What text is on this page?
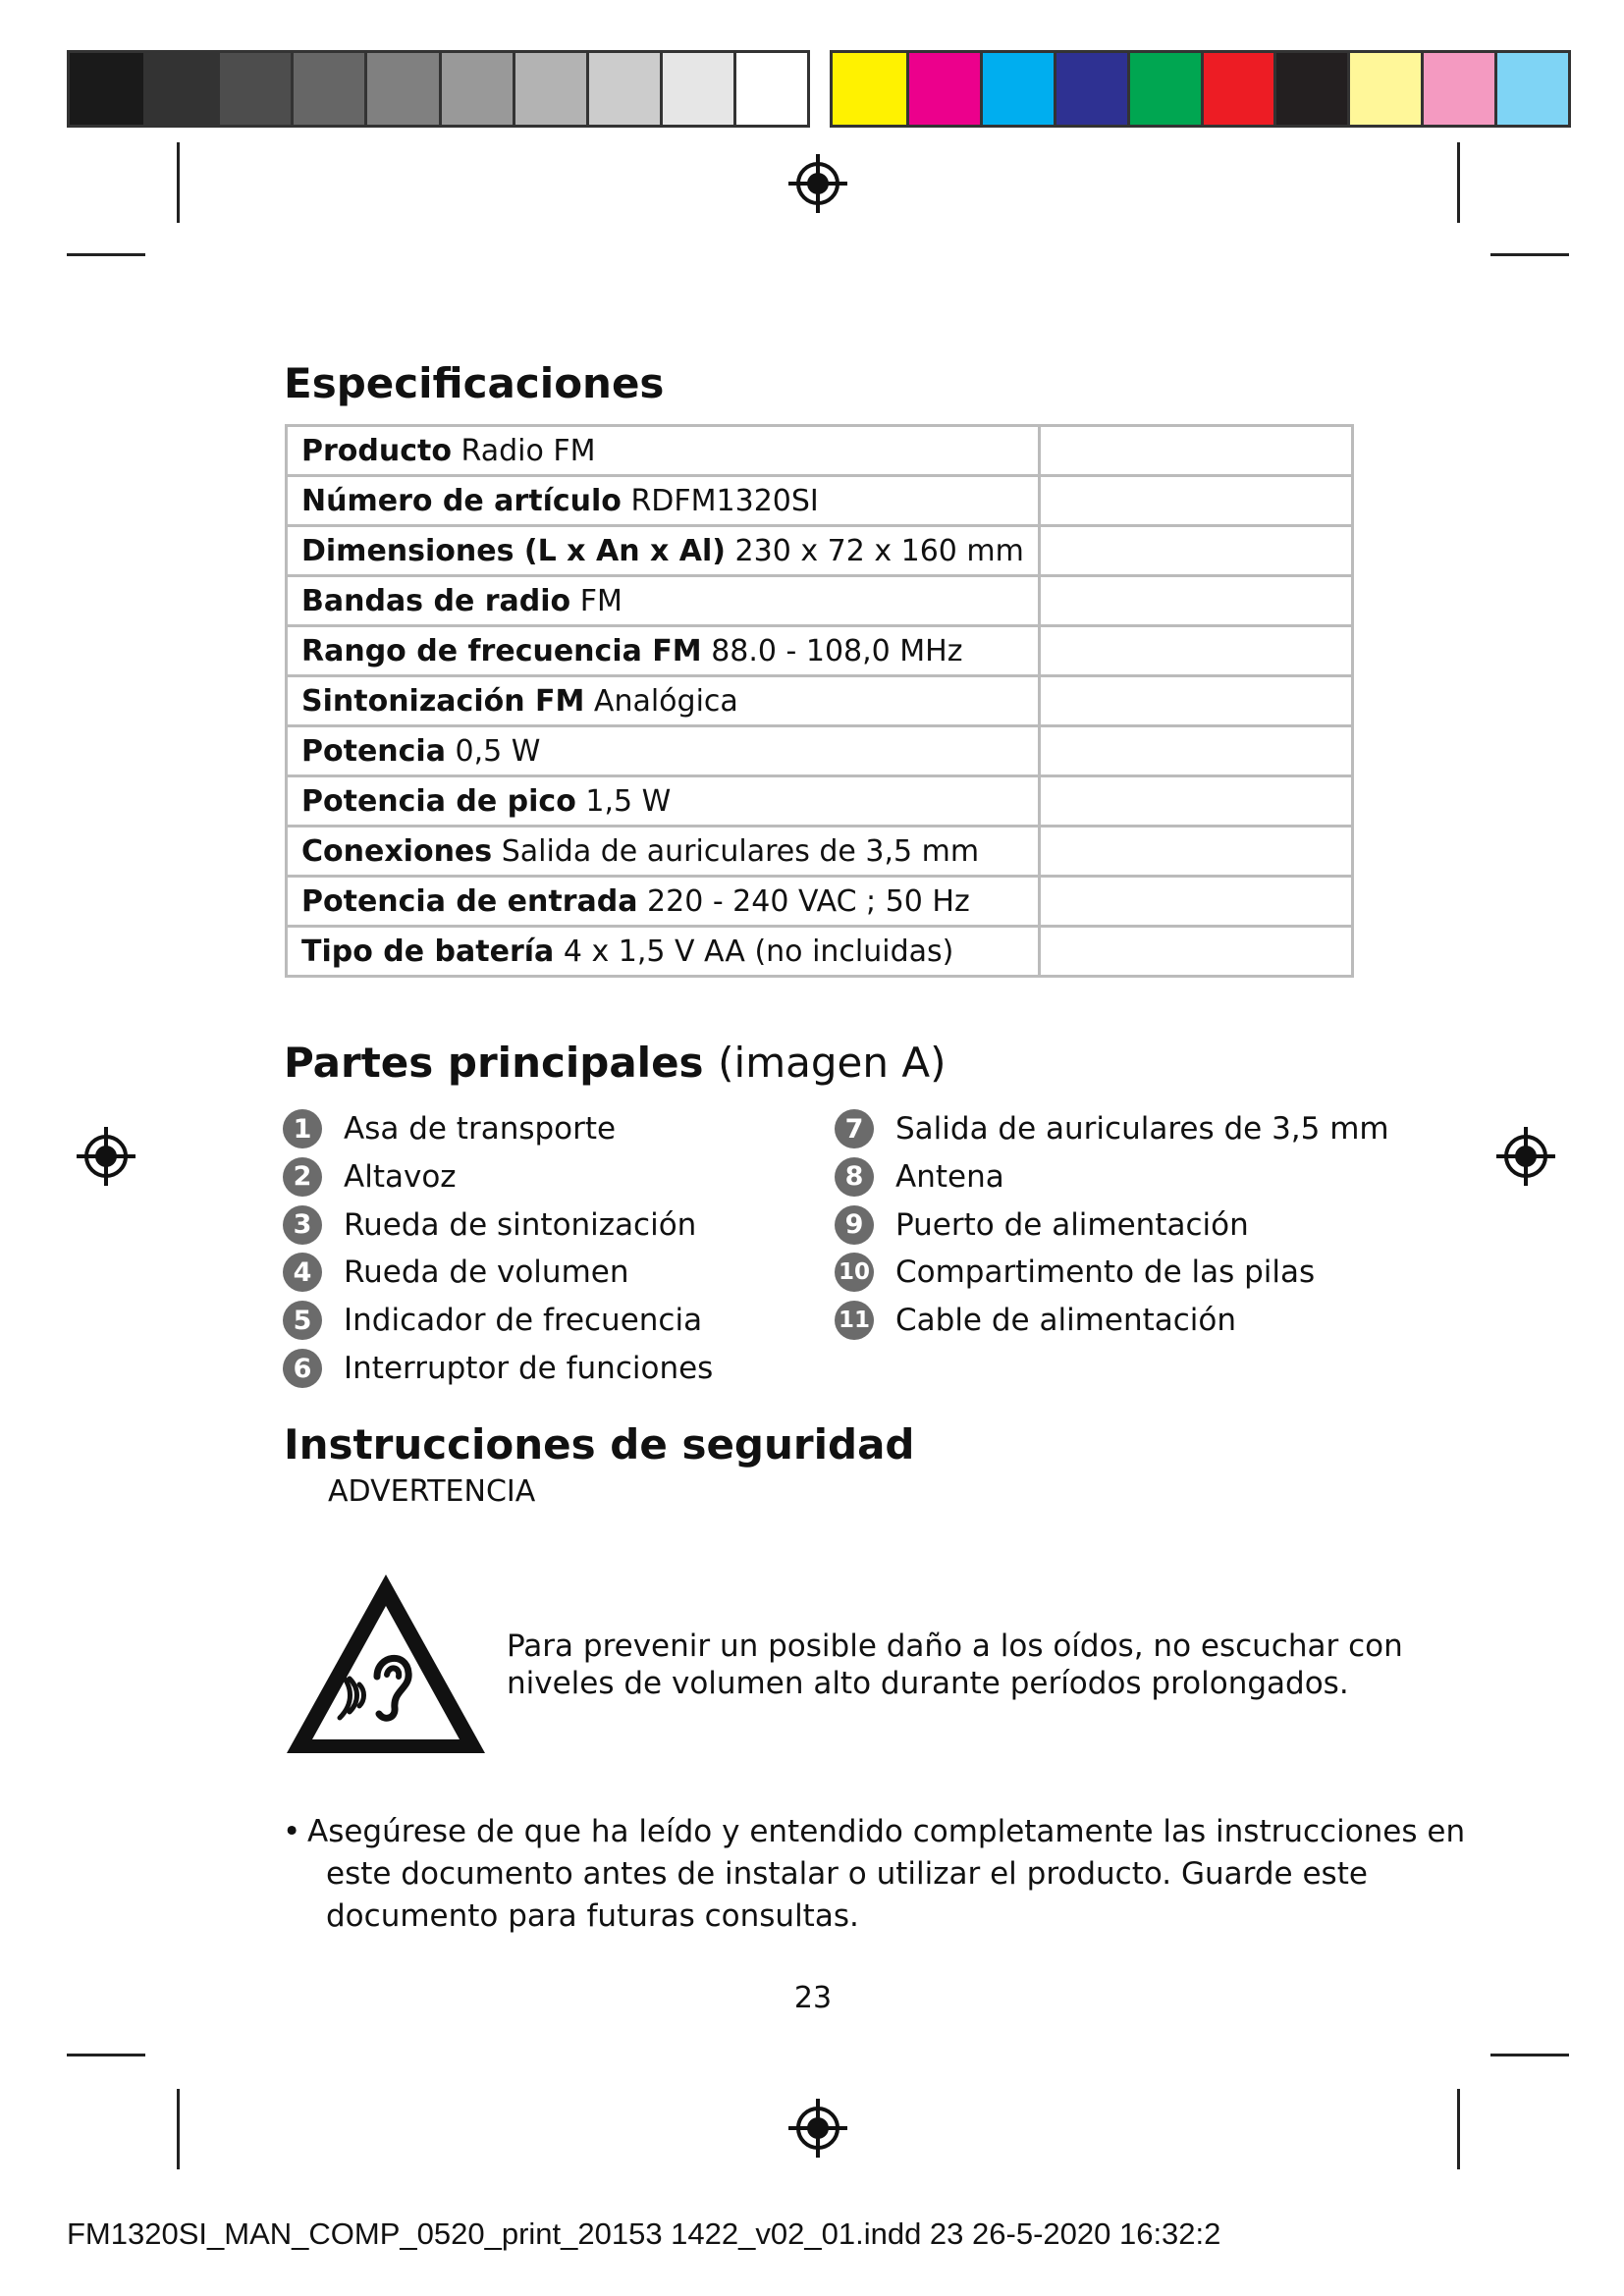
Especificaciones
Producto Radio FM	
Número de artículo RDFM1320SI	
Dimensiones (L x An x Al) 230 x 72 x 160 mm	
Bandas de radio FM	
Rango de frecuencia FM 88.0 - 108,0 MHz	
Sintonización FM Analógica	
Potencia 0,5 W	
Potencia de pico 1,5 W	
Conexiones Salida de auriculares de 3,5 mm	
Potencia de entrada 220 - 240 VAC ; 50 Hz	
Tipo de batería 4 x 1,5 V AA (no incluidas)	
Partes principales (imagen A)
1	Asa de transporte
2	Altavoz
3	Rueda de sintonización
4	Rueda de volumen
5	Indicador de frecuencia
6	Interruptor de funciones
7	Salida de auriculares de 3,5 mm
8	Antena
9	Puerto de alimentación
10 Compartimento de las pilas
11 Cable de alimentación
Instrucciones de seguridad
ADVERTENCIA

Para prevenir un posible daño a los oídos, no escuchar con

niveles de volumen alto durante períodos prolongados.

• Asegúrese de que ha leído y entendido completamente las instrucciones en

este documento antes de instalar o utilizar el producto. Guarde este

documento para futuras consultas.

23
FM1320SI_MAN_COMP_0520_print_20153 1422_v02_01.indd 23 26-5-2020 16:32:2
